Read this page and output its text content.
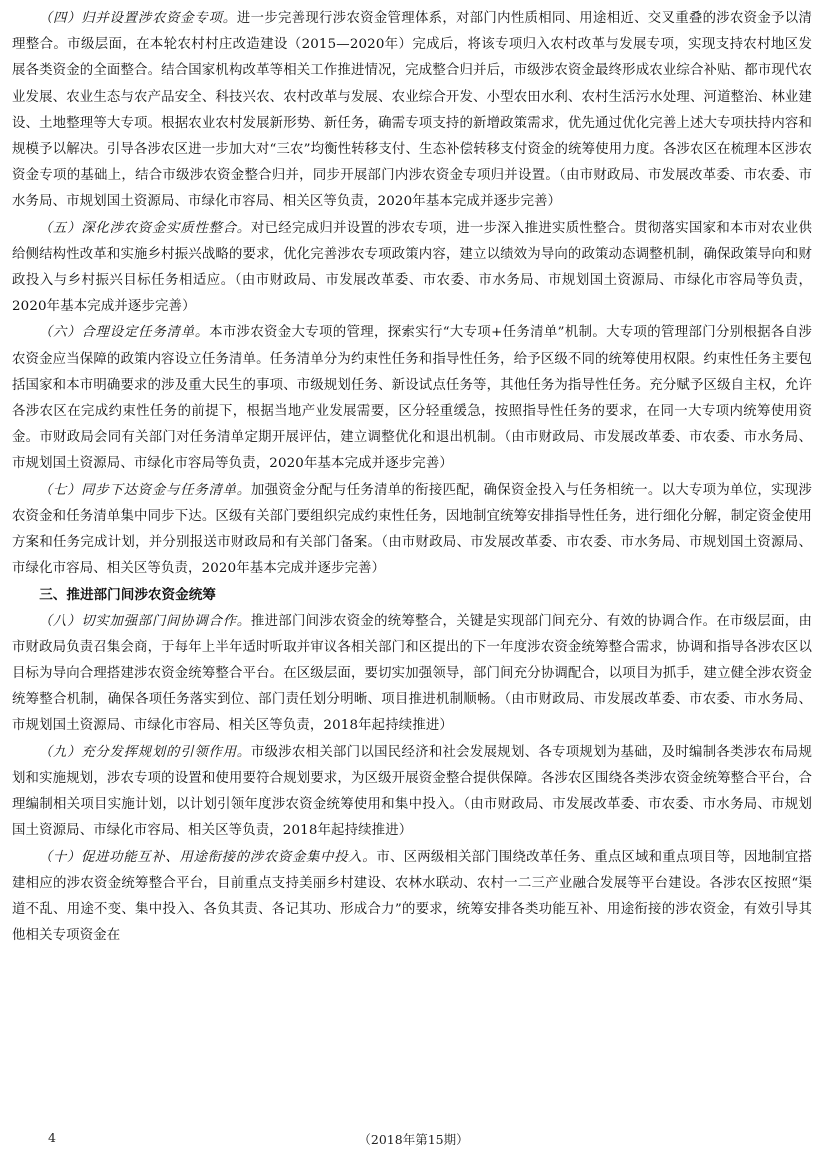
（四）归并设置涉农资金专项。进一步完善现行涉农资金管理体系，对部门内性质相同、用途相近、交叉重叠的涉农资金予以清理整合。市级层面，在本轮农村村庄改造建设（2015—2020年）完成后，将该专项归入农村改革与发展专项，实现支持农村地区发展各类资金的全面整合。结合国家机构改革等相关工作推进情况，完成整合归并后，市级涉农资金最终形成农业综合补贴、都市现代农业发展、农业生态与农产品安全、科技兴农、农村改革与发展、农业综合开发、小型农田水利、农村生活污水处理、河道整治、林业建设、土地整理等大专项。根据农业农村发展新形势、新任务，确需专项支持的新增政策需求，优先通过优化完善上述大专项扶持内容和规模予以解决。引导各涉农区进一步加大对“三农”均衡性转移支付、生态补偿转移支付资金的统筹使用力度。各涉农区在梳理本区涉农资金专项的基础上，结合市级涉农资金整合归并，同步开展部门内涉农资金专项归并设置。（由市财政局、市发展改革委、市农委、市水务局、市规划国土资源局、市绿化市容局、相关区等负责，2020年基本完成并逐步完善）

（五）深化涉农资金实质性整合。对已经完成归并设置的涉农专项，进一步深入推进实质性整合。贯彻落实国家和本市对农业供给侧结构性改革和实施乡村振兴战略的要求，优化完善涉农专项政策内容，建立以绩效为导向的政策动态调整机制，确保政策导向和财政投入与乡村振兴目标任务相适应。（由市财政局、市发展改革委、市农委、市水务局、市规划国土资源局、市绿化市容局等负责，2020年基本完成并逐步完善）

（六）合理设定任务清单。本市涉农资金大专项的管理，探索实行“大专项+任务清单”机制。大专项的管理部门分别根据各自涉农资金应当保障的政策内容设立任务清单。任务清单分为约束性任务和指导性任务，给予区级不同的统筹使用权限。约束性任务主要包括国家和本市明确要求的涉及重大民生的事项、市级规划任务、新设试点任务等，其他任务为指导性任务。充分赋予区级自主权，允许各涉农区在完成约束性任务的前提下，根据当地产业发展需要，区分轻重缓急，按照指导性任务的要求，在同一大专项内统筹使用资金。市财政局会同有关部门对任务清单定期开展评估，建立调整优化和退出机制。（由市财政局、市发展改革委、市农委、市水务局、市规划国土资源局、市绿化市容局等负责，2020年基本完成并逐步完善）

（七）同步下达资金与任务清单。加强资金分配与任务清单的衔接匹配，确保资金投入与任务相统一。以大专项为单位，实现涉农资金和任务清单集中同步下达。区级有关部门要组织完成约束性任务，因地制宜统筹安排指导性任务，进行细化分解，制定资金使用方案和任务完成计划，并分别报送市财政局和有关部门备案。（由市财政局、市发展改革委、市农委、市水务局、市规划国土资源局、市绿化市容局、相关区等负责，2020年基本完成并逐步完善）

三、推进部门间涉农资金统筹

（八）切实加强部门间协调合作。推进部门间涉农资金的统筹整合，关键是实现部门间充分、有效的协调合作。在市级层面，由市财政局负责召集会商，于每年上半年适时听取并审议各相关部门和区提出的下一年度涉农资金统筹整合需求，协调和指导各涉农区以目标为导向合理搭建涉农资金统筹整合平台。在区级层面，要切实加强领导，部门间充分协调配合，以项目为抓手，建立健全涉农资金统筹整合机制，确保各项任务落实到位、部门责任划分明晰、项目推进机制顺畅。（由市财政局、市发展改革委、市农委、市水务局、市规划国土资源局、市绿化市容局、相关区等负责，2018年起持续推进）

（九）充分发挥规划的引领作用。市级涉农相关部门以国民经济和社会发展规划、各专项规划为基础，及时编制各类涉农布局规划和实施规划，涉农专项的设置和使用要符合规划要求，为区级开展资金整合提供保障。各涉农区围绕各类涉农资金统筹整合平台，合理编制相关项目实施计划，以计划引领年度涉农资金统筹使用和集中投入。（由市财政局、市发展改革委、市农委、市水务局、市规划国土资源局、市绿化市容局、相关区等负责，2018年起持续推进）

（十）促进功能互补、用途衔接的涉农资金集中投入。市、区两级相关部门围绕改革任务、重点区域和重点项目等，因地制宜搭建相应的涉农资金统筹整合平台，目前重点支持美丽乡村建设、农林水联动、农村一二三产业融合发展等平台建设。各涉农区按照“渠道不乱、用途不变、集中投入、各负其责、各记其功、形成合力”的要求，统筹安排各类功能互补、用途衔接的涉农资金，有效引导其他相关专项资金在

4	（2018年第15期）
